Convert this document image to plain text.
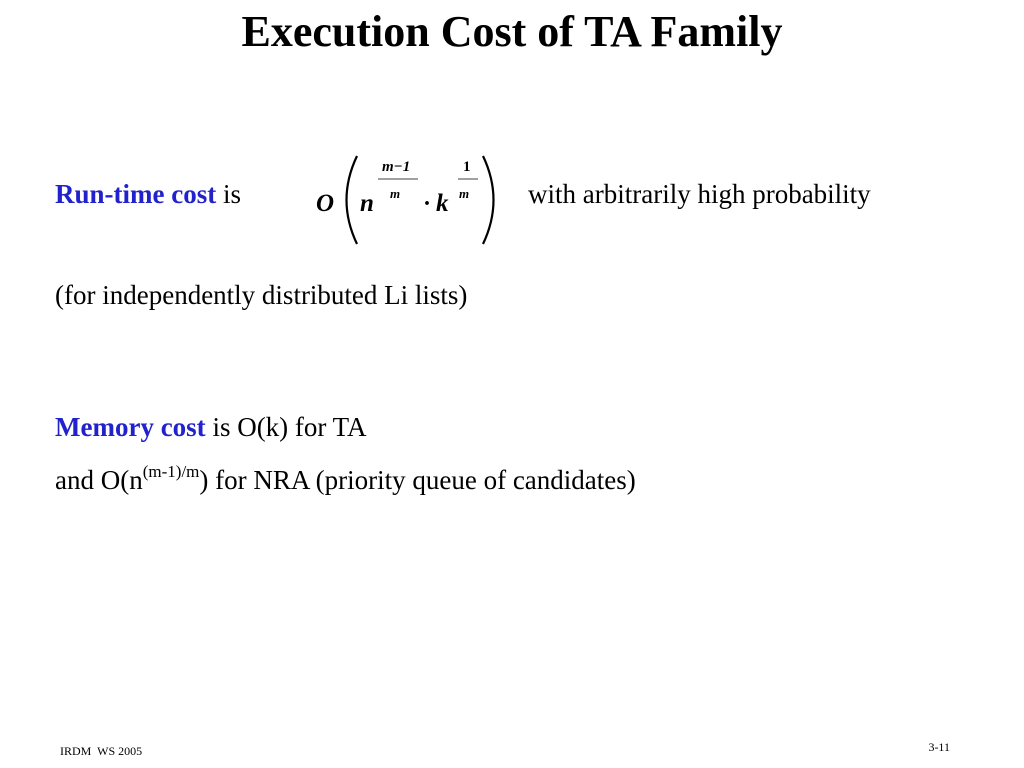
Execution Cost of TA Family
Run-time cost is	O n
m−1
m · k
1
m with arbitrarily high probability
(for independently distributed Li lists)
Memory cost is O(k) for TA
and $O(n^{(m-1)/m})$ for NRA (priority queue of candidates)
IRDM  WS 2005	3-11
